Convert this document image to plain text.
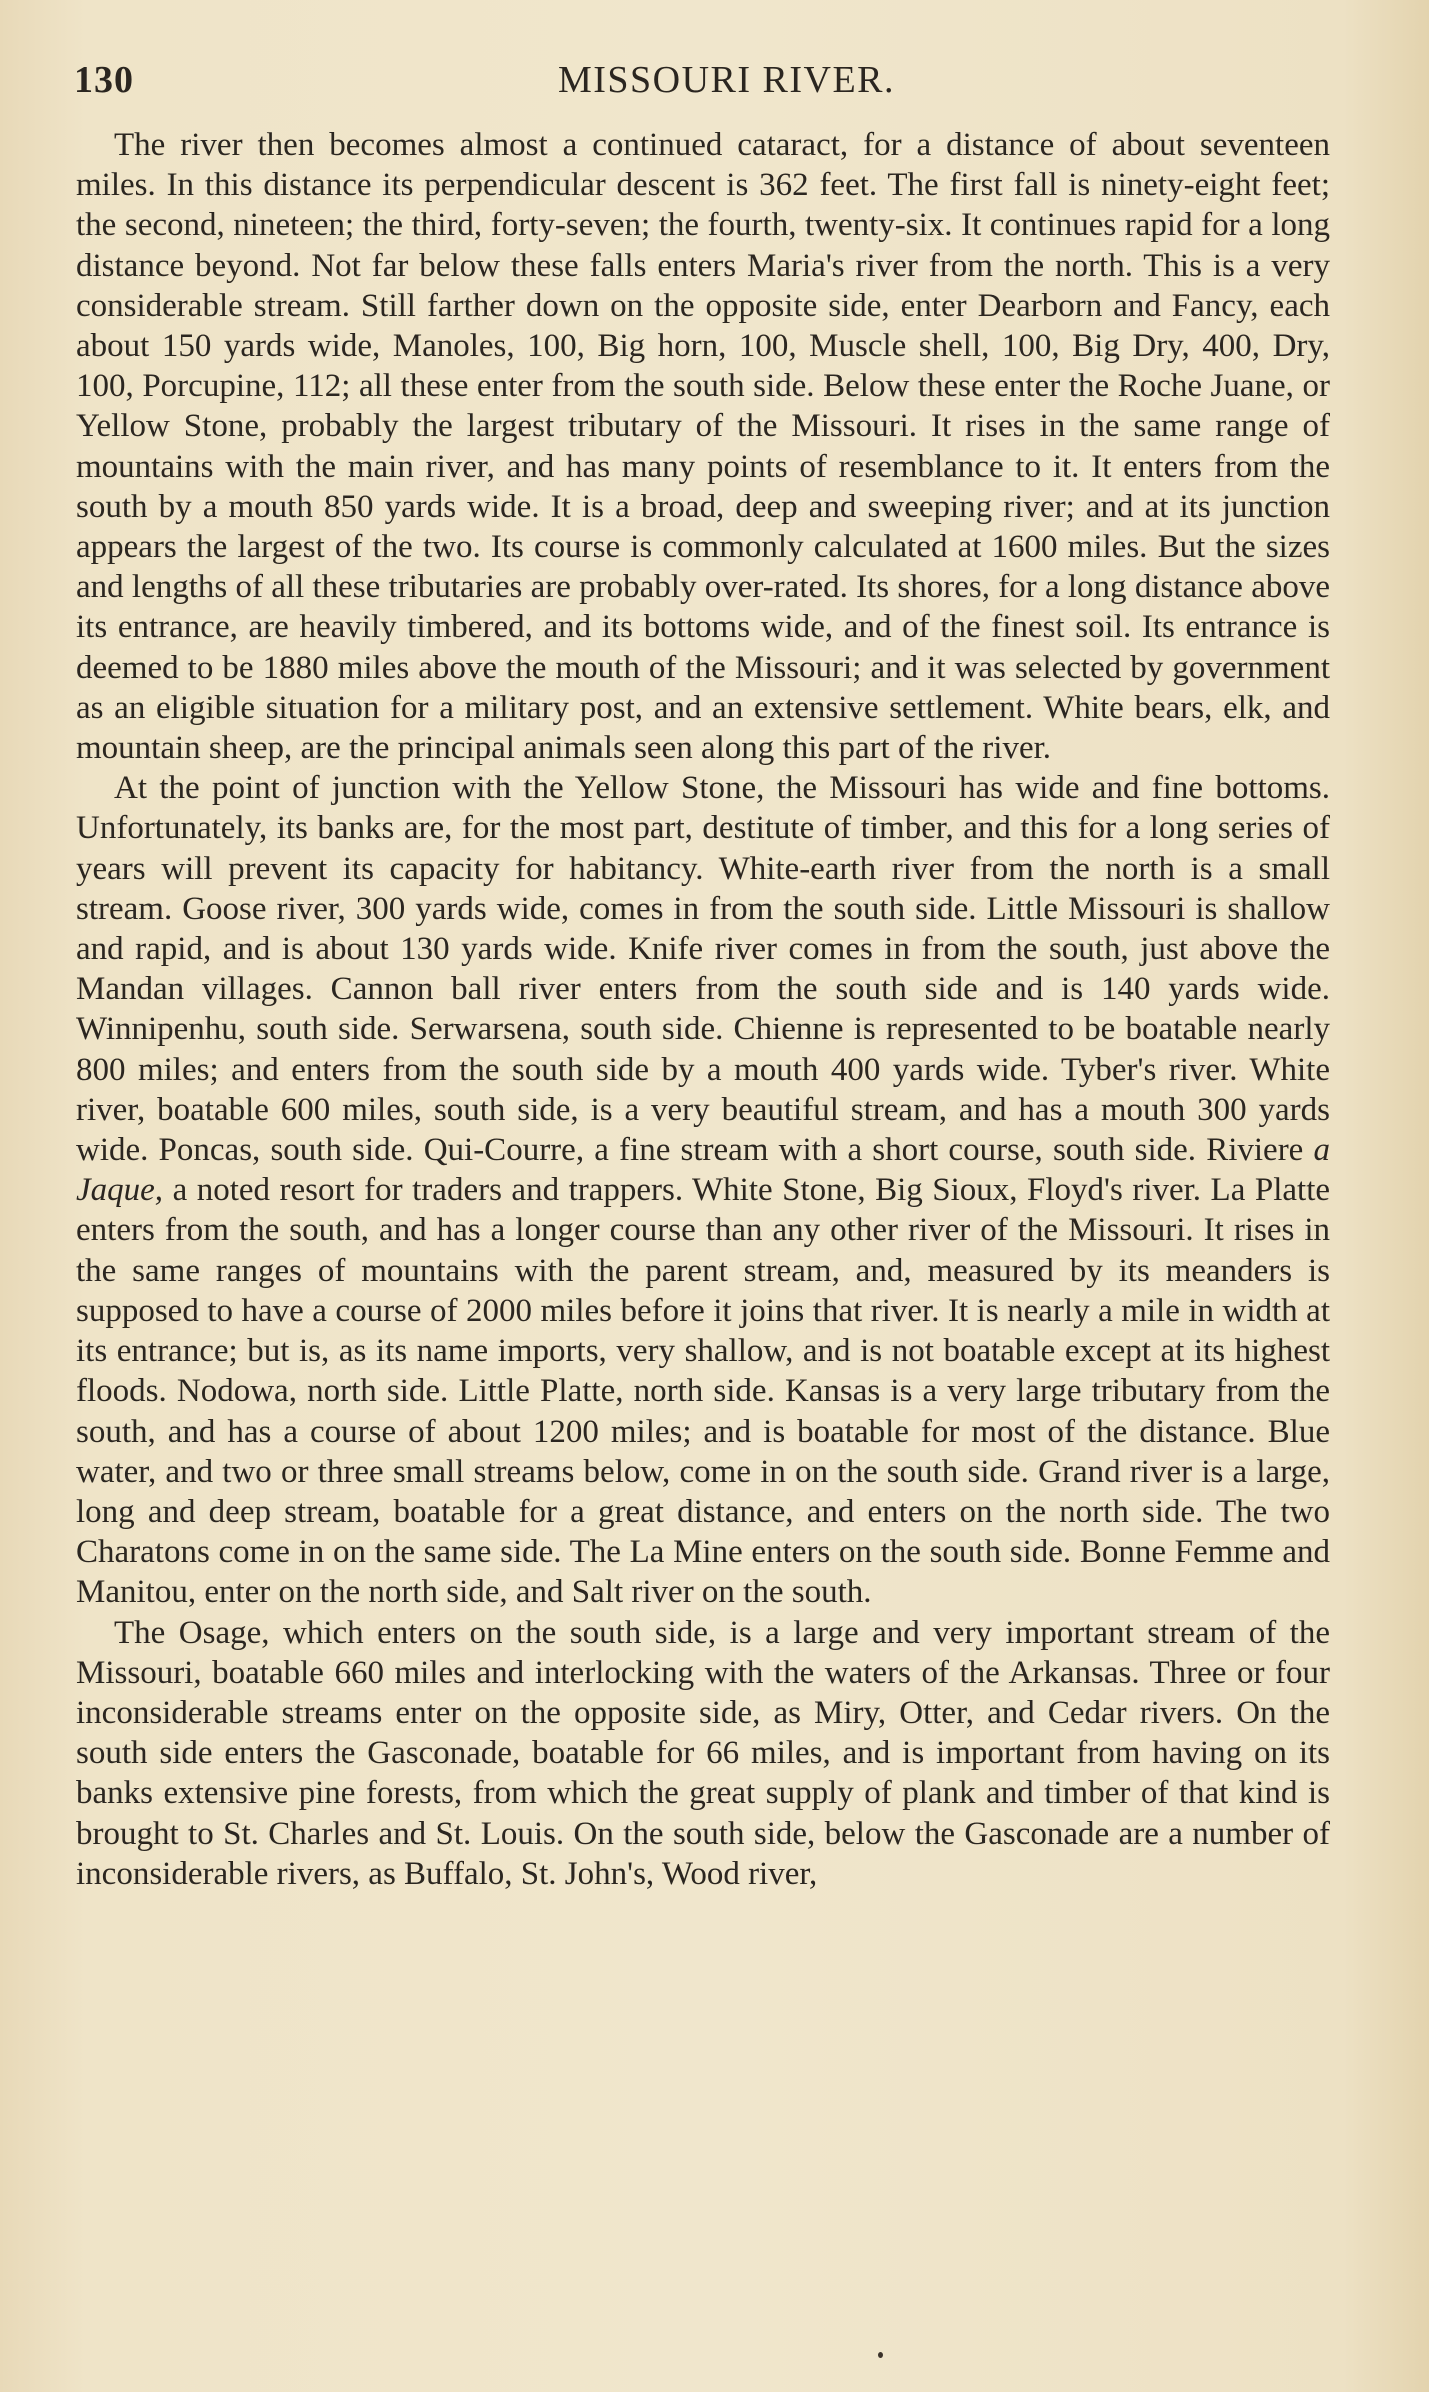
130	MISSOURI RIVER.

The river then becomes almost a continued cataract, for a distance of about seventeen miles. In this distance its perpendicular descent is 362 feet. The first fall is ninety-eight feet; the second, nineteen; the third, forty-seven; the fourth, twenty-six. It continues rapid for a long distance beyond. Not far below these falls enters Maria's river from the north. This is a very considerable stream. Still farther down on the opposite side, enter Dearborn and Fancy, each about 150 yards wide, Manoles, 100, Big horn, 100, Muscle shell, 100, Big Dry, 400, Dry, 100, Porcupine, 112; all these enter from the south side. Below these enter the Roche Juane, or Yellow Stone, probably the largest tributary of the Missouri. It rises in the same range of mountains with the main river, and has many points of resemblance to it. It enters from the south by a mouth 850 yards wide. It is a broad, deep and sweeping river; and at its junction appears the largest of the two. Its course is commonly calculated at 1600 miles. But the sizes and lengths of all these tributaries are probably over-rated. Its shores, for a long distance above its entrance, are heavily timbered, and its bottoms wide, and of the finest soil. Its entrance is deemed to be 1880 miles above the mouth of the Missouri; and it was selected by government as an eligible situation for a military post, and an extensive settlement. White bears, elk, and mountain sheep, are the principal animals seen along this part of the river.

At the point of junction with the Yellow Stone, the Missouri has wide and fine bottoms. Unfortunately, its banks are, for the most part, destitute of timber, and this for a long series of years will prevent its capacity for habitancy. White-earth river from the north is a small stream. Goose river, 300 yards wide, comes in from the south side. Little Missouri is shallow and rapid, and is about 130 yards wide. Knife river comes in from the south, just above the Mandan villages. Cannon ball river enters from the south side and is 140 yards wide. Winnipenhu, south side. Serwarsena, south side. Chienne is represented to be boatable nearly 800 miles; and enters from the south side by a mouth 400 yards wide. Tyber's river. White river, boatable 600 miles, south side, is a very beautiful stream, and has a mouth 300 yards wide. Poncas, south side. Qui-Courre, a fine stream with a short course, south side. Riviere a Jaque, a noted resort for traders and trappers. White Stone, Big Sioux, Floyd's river. La Platte enters from the south, and has a longer course than any other river of the Missouri. It rises in the same ranges of mountains with the parent stream, and, measured by its meanders is supposed to have a course of 2000 miles before it joins that river. It is nearly a mile in width at its entrance; but is, as its name imports, very shallow, and is not boatable except at its highest floods. Nodowa, north side. Little Platte, north side. Kansas is a very large tributary from the south, and has a course of about 1200 miles; and is boatable for most of the distance. Blue water, and two or three small streams below, come in on the south side. Grand river is a large, long and deep stream, boatable for a great distance, and enters on the north side. The two Charatons come in on the same side. The La Mine enters on the south side. Bonne Femme and Manitou, enter on the north side, and Salt river on the south.

The Osage, which enters on the south side, is a large and very important stream of the Missouri, boatable 660 miles and interlocking with the waters of the Arkansas. Three or four inconsiderable streams enter on the opposite side, as Miry, Otter, and Cedar rivers. On the south side enters the Gasconade, boatable for 66 miles, and is important from having on its banks extensive pine forests, from which the great supply of plank and timber of that kind is brought to St. Charles and St. Louis. On the south side, below the Gasconade are a number of inconsiderable rivers, as Buffalo, St. John's, Wood river,
